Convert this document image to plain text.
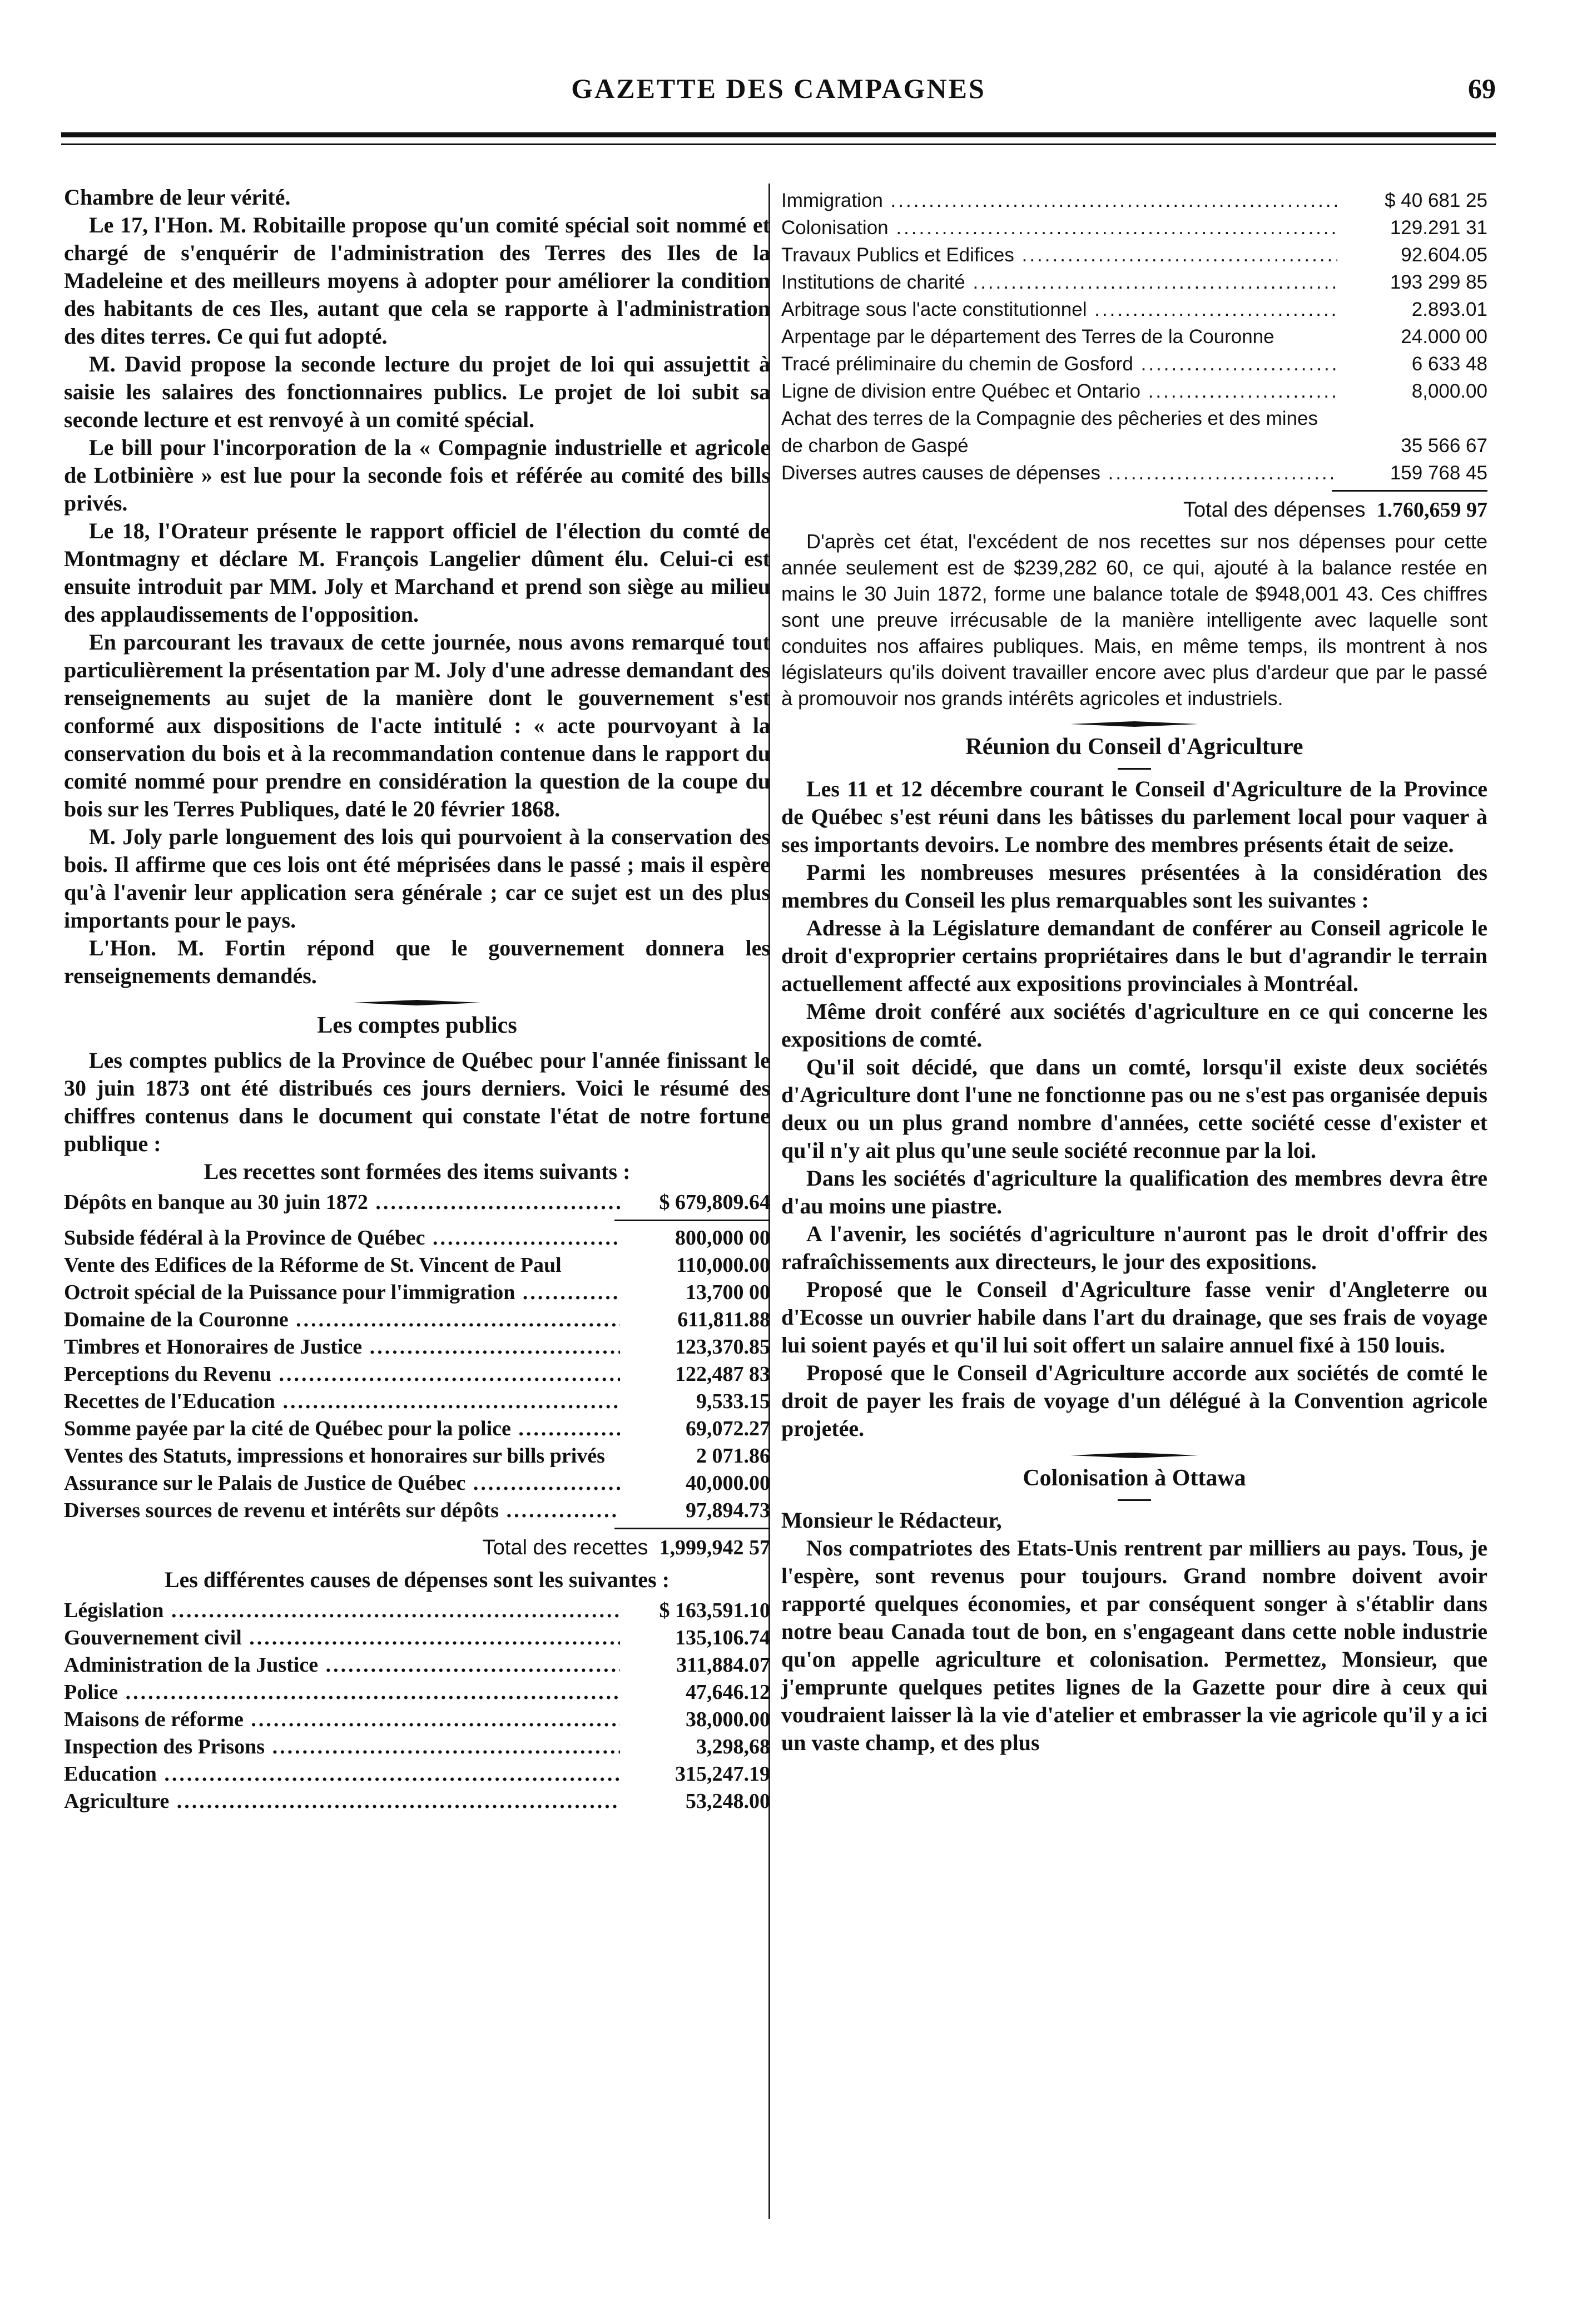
GAZETTE DES CAMPAGNES	69

Chambre de leur vérité.

Le 17, l'Hon. M. Robitaille propose qu'un comité spécial soit nommé et chargé de s'enquérir de l'administration des Terres des Iles de la Madeleine et des meilleurs moyens à adopter pour améliorer la condition des habitants de ces Iles, autant que cela se rapporte à l'administration des dites terres. Ce qui fut adopté.

M. David propose la seconde lecture du projet de loi qui assujettit à saisie les salaires des fonctionnaires publics. Le projet de loi subit sa seconde lecture et est renvoyé à un comité spécial.

Le bill pour l'incorporation de la « Compagnie industrielle et agricole de Lotbinière » est lue pour la seconde fois et référée au comité des bills privés.

Le 18, l'Orateur présente le rapport officiel de l'élection du comté de Montmagny et déclare M. François Langelier dûment élu. Celui-ci est ensuite introduit par MM. Joly et Marchand et prend son siège au milieu des applaudissements de l'opposition.

En parcourant les travaux de cette journée, nous avons remarqué tout particulièrement la présentation par M. Joly d'une adresse demandant des renseignements au sujet de la manière dont le gouvernement s'est conformé aux dispositions de l'acte intitulé : « acte pourvoyant à la conservation du bois et à la recommandation contenue dans le rapport du comité nommé pour prendre en considération la question de la coupe du bois sur les Terres Publiques, daté le 20 février 1868.

M. Joly parle longuement des lois qui pourvoient à la conservation des bois. Il affirme que ces lois ont été méprisées dans le passé ; mais il espère qu'à l'avenir leur application sera générale ; car ce sujet est un des plus importants pour le pays.

L'Hon. M. Fortin répond que le gouvernement donnera les renseignements demandés.

Les comptes publics

Les comptes publics de la Province de Québec pour l'année finissant le 30 juin 1873 ont été distribués ces jours derniers. Voici le résumé des chiffres contenus dans le document qui constate l'état de notre fortune publique :

Les recettes sont formées des items suivants :
Dépôts en banque au 30 juin 1872 .....	$ 679,809.64
Subside fédéral à la Province de Québec .....	800,000 00
Vente des Edifices de la Réforme de St. Vincent de Paul	110,000.00
Octroit spécial de la Puissance pour l'immigration .....	13,700 00
Domaine de la Couronne .....	611,811.88
Timbres et Honoraires de Justice .....	123,370.85
Perceptions du Revenu .....	122,487 83
Recettes de l'Education .....	9,533.15
Somme payée par la cité de Québec pour la police .....	69,072.27
Ventes des Statuts, impressions et honoraires sur bills privés	2 071.86
Assurance sur le Palais de Justice de Québec .....	40,000.00
Diverses sources de revenu et intérêts sur dépôts .....	97,894.73
Total des recettes 1,999,942 57
Les différentes causes de dépenses sont les suivantes :
Législation .....	$ 163,591.10
Gouvernement civil .....	135,106.74
Administration de la Justice .....	311,884.07
Police .....	47,646.12
Maisons de réforme .....	38,000.00
Inspection des Prisons .....	3,298,68
Education .....	315,247.19
Agriculture .....	53,248.00
Immigration .....	$ 40 681 25
Colonisation .....	129.291 31
Travaux Publics et Edifices .....	92.604.05
Institutions de charité .....	193 299 85
Arbitrage sous l'acte constitutionnel .....	2.893.01
Arpentage par le département des Terres de la Couronne	24.000 00
Tracé préliminaire du chemin de Gosford .....	6 633 48
Ligne de division entre Québec et Ontario .....	8,000.00
Achat des terres de la Compagnie des pêcheries et des mines de charbon de Gaspé	35 566 67
Diverses autres causes de dépenses .....	159 768 45
Total des dépenses 1.760,659 97

D'après cet état, l'excédent de nos recettes sur nos dépenses pour cette année seulement est de $239,282 60, ce qui, ajouté à la balance restée en mains le 30 Juin 1872, forme une balance totale de $948,001 43. Ces chiffres sont une preuve irrécusable de la manière intelligente avec laquelle sont conduites nos affaires publiques. Mais, en même temps, ils montrent à nos législateurs qu'ils doivent travailler encore avec plus d'ardeur que par le passé à promouvoir nos grands intérêts agricoles et industriels.

Réunion du Conseil d'Agriculture

Les 11 et 12 décembre courant le Conseil d'Agriculture de la Province de Québec s'est réuni dans les bâtisses du parlement local pour vaquer à ses importants devoirs. Le nombre des membres présents était de seize.

Parmi les nombreuses mesures présentées à la considération des membres du Conseil les plus remarquables sont les suivantes :

Adresse à la Législature demandant de conférer au Conseil agricole le droit d'exproprier certains propriétaires dans le but d'agrandir le terrain actuellement affecté aux expositions provinciales à Montréal.

Même droit conféré aux sociétés d'agriculture en ce qui concerne les expositions de comté.

Qu'il soit décidé, que dans un comté, lorsqu'il existe deux sociétés d'Agriculture dont l'une ne fonctionne pas ou ne s'est pas organisée depuis deux ou un plus grand nombre d'années, cette société cesse d'exister et qu'il n'y ait plus qu'une seule société reconnue par la loi.

Dans les sociétés d'agriculture la qualification des membres devra être d'au moins une piastre.

A l'avenir, les sociétés d'agriculture n'auront pas le droit d'offrir des rafraîchissements aux directeurs, le jour des expositions.

Proposé que le Conseil d'Agriculture fasse venir d'Angleterre ou d'Ecosse un ouvrier habile dans l'art du drainage, que ses frais de voyage lui soient payés et qu'il lui soit offert un salaire annuel fixé à 150 louis.

Proposé que le Conseil d'Agriculture accorde aux sociétés de comté le droit de payer les frais de voyage d'un délégué à la Convention agricole projetée.

Colonisation à Ottawa

Monsieur le Rédacteur,

Nos compatriotes des Etats-Unis rentrent par milliers au pays. Tous, je l'espère, sont revenus pour toujours. Grand nombre doivent avoir rapporté quelques économies, et par conséquent songer à s'établir dans notre beau Canada tout de bon, en s'engageant dans cette noble industrie qu'on appelle agriculture et colonisation. Permettez, Monsieur, que j'emprunte quelques petites lignes de la Gazette pour dire à ceux qui voudraient laisser là la vie d'atelier et embrasser la vie agricole qu'il y a ici un vaste champ, et des plus
